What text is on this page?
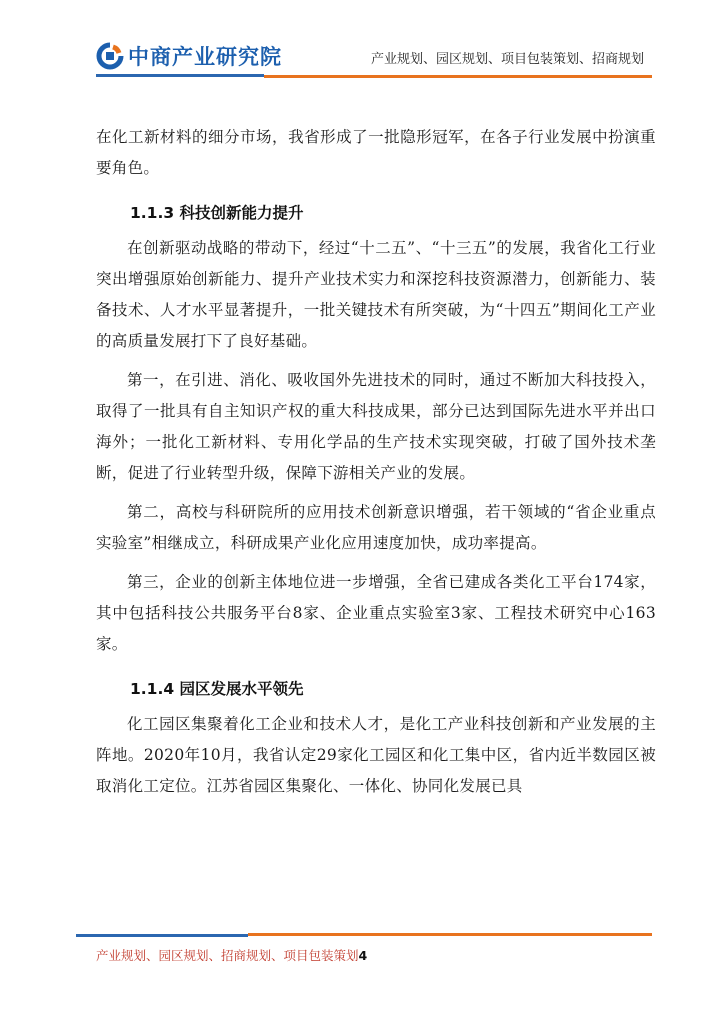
中商产业研究院	产业规划、园区规划、项目包装策划、招商规划

在化工新材料的细分市场，我省形成了一批隐形冠军，在各子行业发展中扮演重要角色。

1.1.3 科技创新能力提升

在创新驱动战略的带动下，经过“十二五”、“十三五”的发展，我省化工行业突出增强原始创新能力、提升产业技术实力和深挖科技资源潜力，创新能力、装备技术、人才水平显著提升，一批关键技术有所突破，为“十四五”期间化工产业的高质量发展打下了良好基础。

第一，在引进、消化、吸收国外先进技术的同时，通过不断加大科技投入，取得了一批具有自主知识产权的重大科技成果，部分已达到国际先进水平并出口海外；一批化工新材料、专用化学品的生产技术实现突破，打破了国外技术垄断，促进了行业转型升级，保障下游相关产业的发展。

第二，高校与科研院所的应用技术创新意识增强，若干领域的“省企业重点实验室”相继成立，科研成果产业化应用速度加快，成功率提高。

第三，企业的创新主体地位进一步增强，全省已建成各类化工平台174家，其中包括科技公共服务平台8家、企业重点实验室3家、工程技术研究中心163家。

1.1.4 园区发展水平领先

化工园区集聚着化工企业和技术人才，是化工产业科技创新和产业发展的主阵地。2020年10月，我省认定29家化工园区和化工集中区，省内近半数园区被取消化工定位。江苏省园区集聚化、一体化、协同化发展已具

产业规划、园区规划、招商规划、项目包装策划4
